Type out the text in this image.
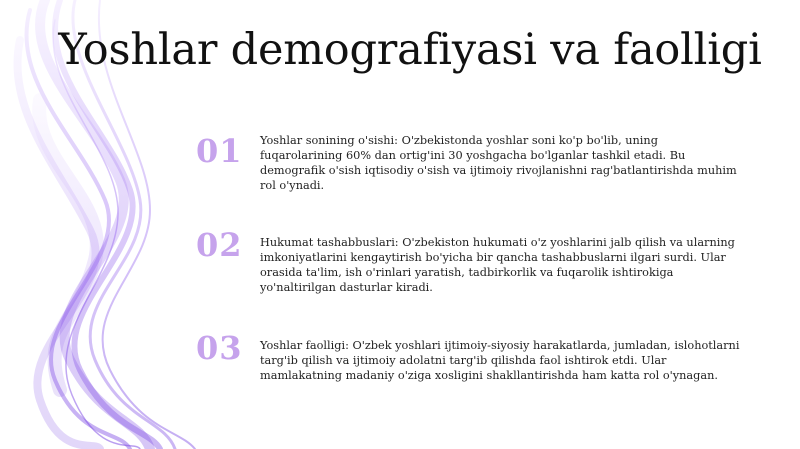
Yoshlar demografiyasi va faolligi
01	Yoshlar sonining o'sishi: O'zbekistonda yoshlar soni ko'p bo'lib, uning fuqarolarining 60% dan ortig'ini 30 yoshgacha bo'lganlar tashkil etadi. Bu demografik o'sish iqtisodiy o'sish va ijtimoiy rivojlanishni rag'batlantirishda muhim rol o'ynadi.
02	Hukumat tashabbuslari: O'zbekiston hukumati o'z yoshlarini jalb qilish va ularning imkoniyatlarini kengaytirish bo'yicha bir qancha tashabbuslarni ilgari surdi. Ular orasida ta'lim, ish o'rinlari yaratish, tadbirkorlik va fuqarolik ishtirokiga yo'naltirilgan dasturlar kiradi.
03	Yoshlar faolligi: O'zbek yoshlari ijtimoiy-siyosiy harakatlarda, jumladan, islohotlarni targ'ib qilish va ijtimoiy adolatni targ'ib qilishda faol ishtirok etdi. Ular mamlakatning madaniy o'ziga xosligini shakllantirishda ham katta rol o'ynagan.
